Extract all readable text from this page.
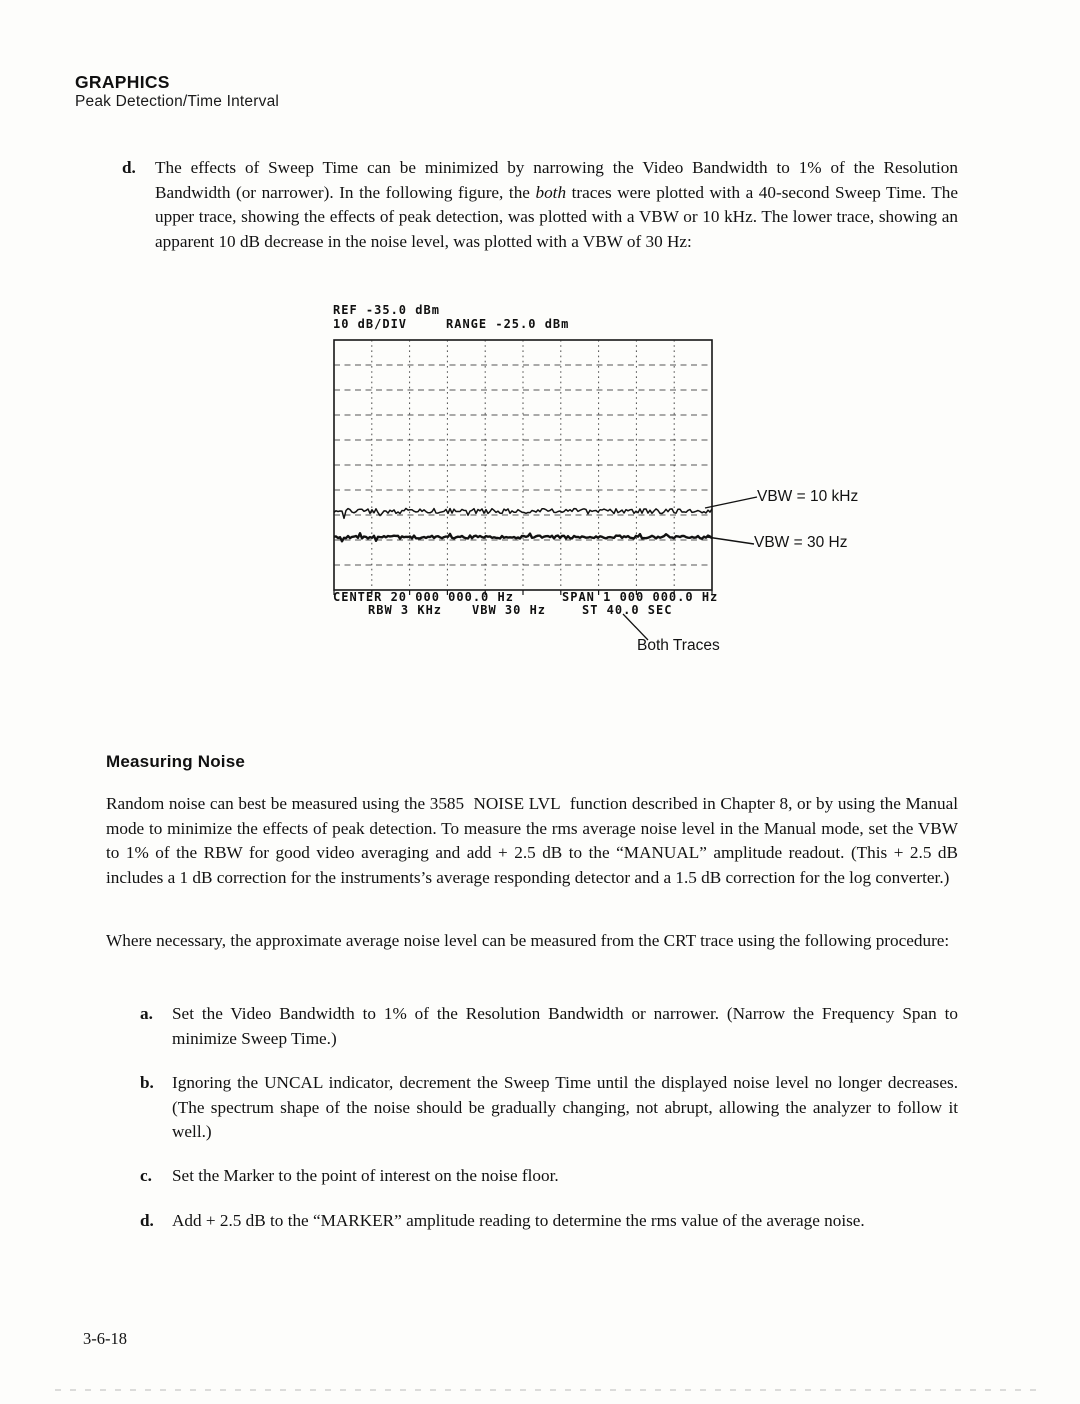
GRAPHICS
Peak Detection/Time Interval
d.	The effects of Sweep Time can be minimized by narrowing the Video Bandwidth to 1% of the Resolution Bandwidth (or narrower). In the following figure, the both traces were plotted with a 40-second Sweep Time. The upper trace, showing the effects of peak detection, was plotted with a VBW or 10 kHz. The lower trace, showing an apparent 10 dB decrease in the noise level, was plotted with a VBW of 30 Hz:
REF -35.0 dBm
10 dB/DIV	RANGE -25.0 dBm
CENTER 20 000 000.0 Hz	SPAN 1 000 000.0 Hz
RBW 3 KHz VBW 30 Hz	ST 40.0 SEC
VBW = 10 kHz
VBW = 30 Hz
Both Traces
Measuring Noise
Random noise can best be measured using the 3585  NOISE LVL  function described in Chapter 8, or by using the Manual mode to minimize the effects of peak detection. To measure the rms average noise level in the Manual mode, set the VBW to 1% of the RBW for good video averaging and add + 2.5 dB to the “MANUAL” amplitude readout. (This + 2.5 dB includes a 1 dB correction for the instruments’s average responding detector and a 1.5 dB correction for the log converter.)
Where necessary, the approximate average noise level can be measured from the CRT trace using the following procedure:
a.	Set the Video Bandwidth to 1% of the Resolution Bandwidth or narrower. (Narrow the Frequency Span to minimize Sweep Time.)
b.	Ignoring the UNCAL indicator, decrement the Sweep Time until the displayed noise level no longer decreases. (The spectrum shape of the noise should be gradually changing, not abrupt, allowing the analyzer to follow it well.)
c.	Set the Marker to the point of interest on the noise floor.
d.	Add + 2.5 dB to the “MARKER” amplitude reading to determine the rms value of the average noise.
3-6-18
